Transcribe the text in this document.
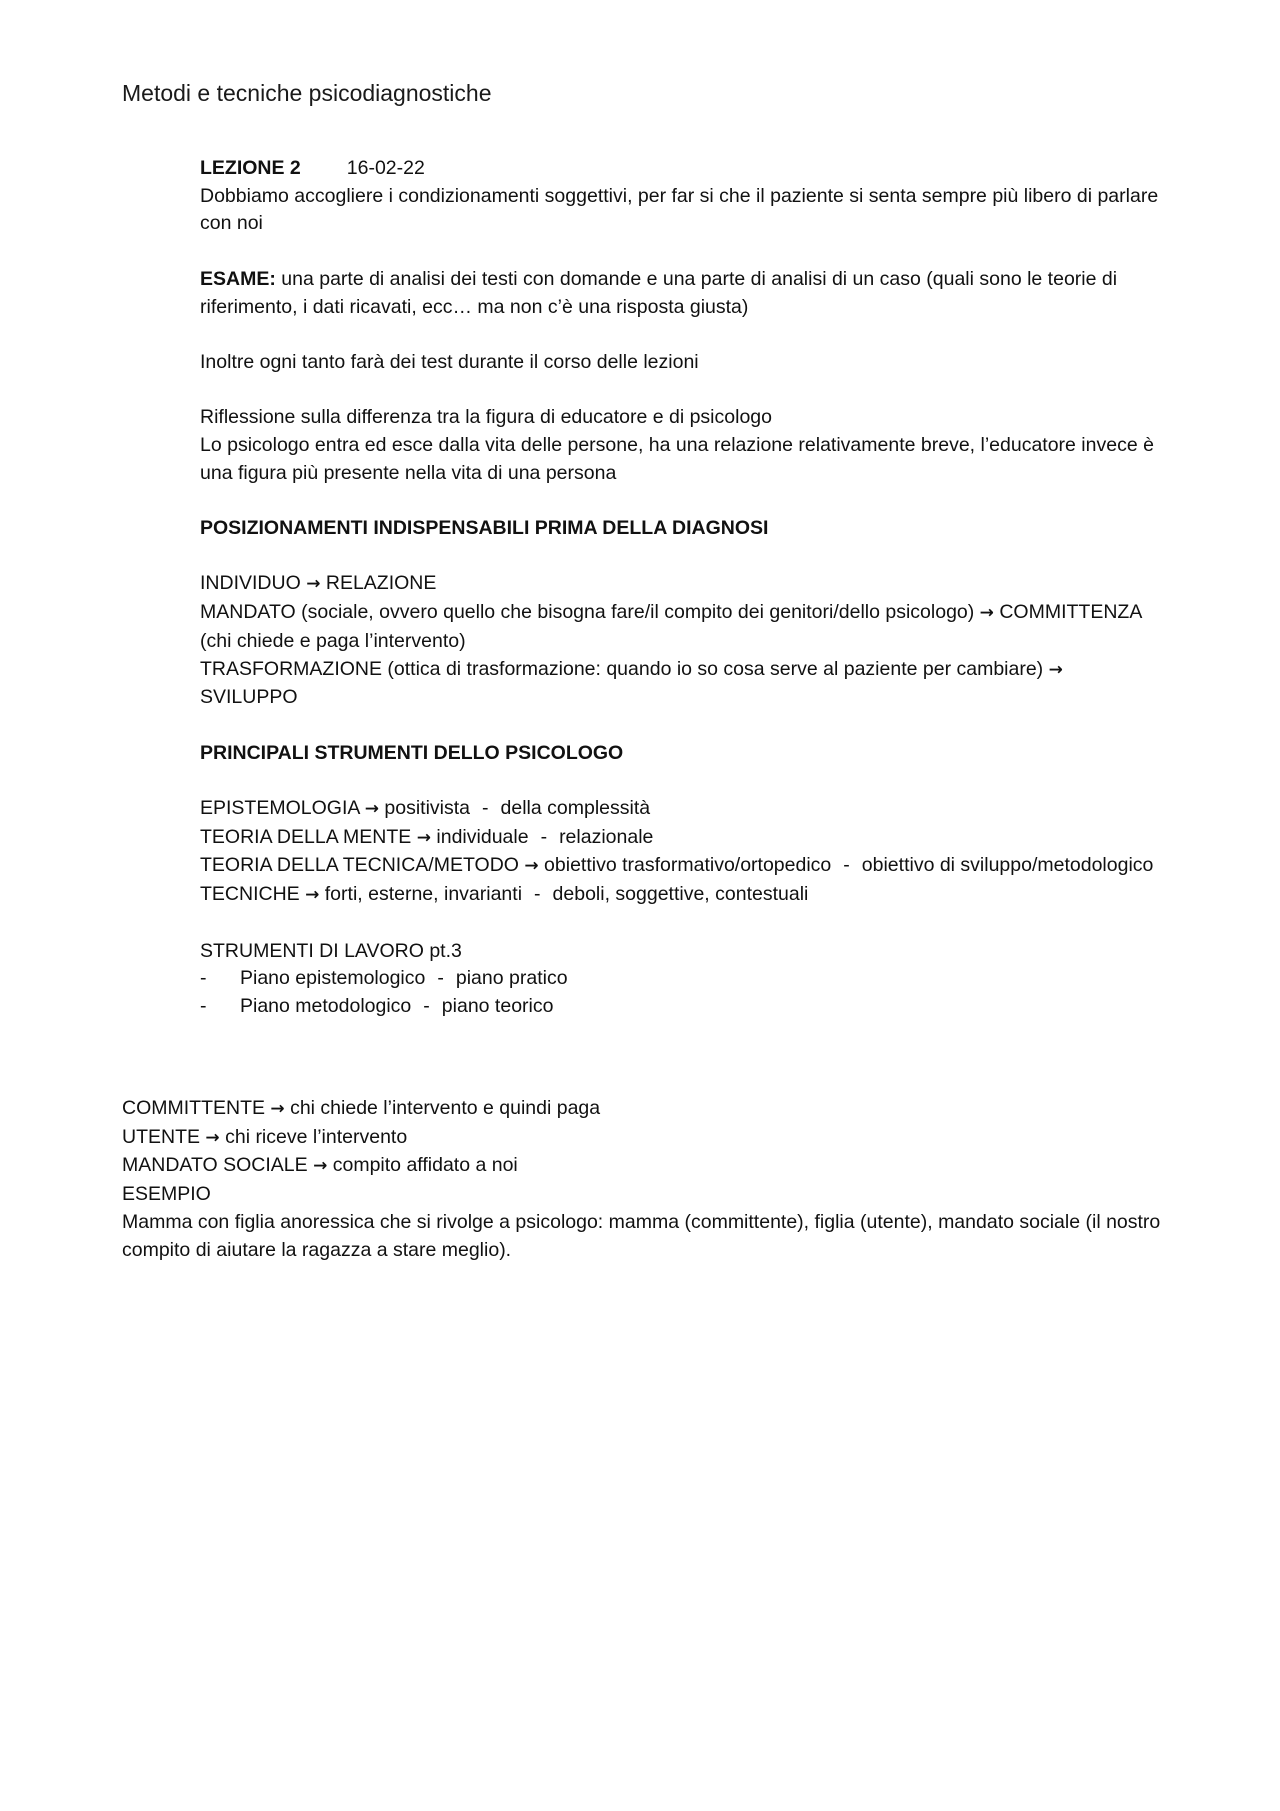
Metodi e tecniche psicodiagnostiche
LEZIONE 2 16-02-22

Dobbiamo accogliere i condizionamenti soggettivi, per far si che il paziente si senta sempre più libero di parlare con noi

ESAME: una parte di analisi dei testi con domande e una parte di analisi di un caso (quali sono le teorie di riferimento, i dati ricavati, ecc… ma non c’è una risposta giusta)

Inoltre ogni tanto farà dei test durante il corso delle lezioni

Riflessione sulla differenza tra la figura di educatore e di psicologo

Lo psicologo entra ed esce dalla vita delle persone, ha una relazione relativamente breve, l’educatore invece è una figura più presente nella vita di una persona

POSIZIONAMENTI INDISPENSABILI PRIMA DELLA DIAGNOSI

INDIVIDUO → RELAZIONE

MANDATO (sociale, ovvero quello che bisogna fare/il compito dei genitori/dello psicologo) → COMMITTENZA (chi chiede e paga l’intervento)

TRASFORMAZIONE (ottica di trasformazione: quando io so cosa serve al paziente per cambiare) → SVILUPPO

PRINCIPALI STRUMENTI DELLO PSICOLOGO

EPISTEMOLOGIA → positivista - della complessità

TEORIA DELLA MENTE → individuale - relazionale

TEORIA DELLA TECNICA/METODO → obiettivo trasformativo/ortopedico - obiettivo di sviluppo/metodologico

TECNICHE → forti, esterne, invarianti - deboli, soggettive, contestuali

STRUMENTI DI LAVORO pt.3

- Piano epistemologico - piano pratico

- Piano metodologico - piano teorico

COMMITTENTE → chi chiede l’intervento e quindi paga

UTENTE → chi riceve l’intervento

MANDATO SOCIALE → compito affidato a noi

ESEMPIO

Mamma con figlia anoressica che si rivolge a psicologo: mamma (committente), figlia (utente), mandato sociale (il nostro compito di aiutare la ragazza a stare meglio).
